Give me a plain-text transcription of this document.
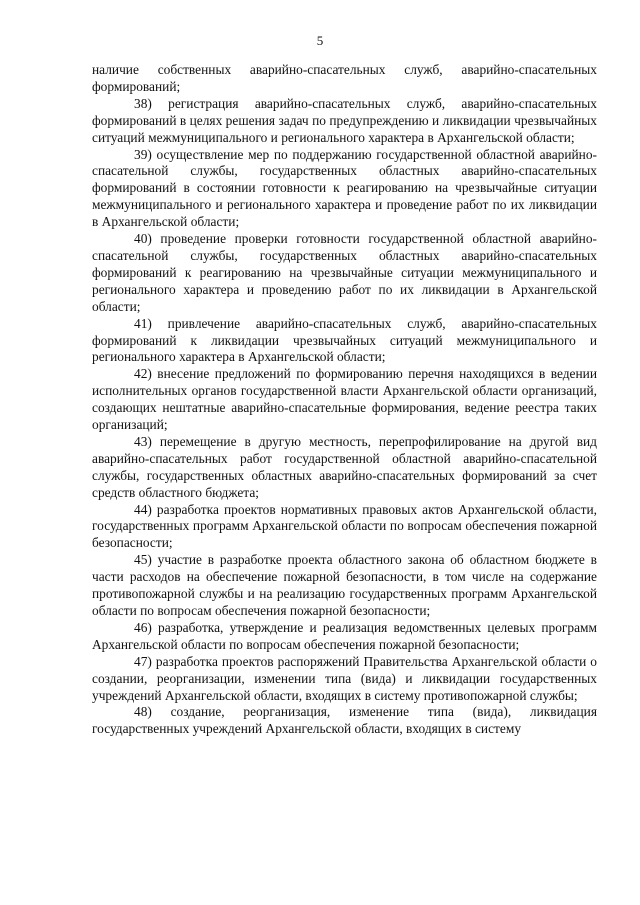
5

наличие собственных аварийно-спасательных служб, аварийно-спасательных формирований;

38) регистрация аварийно-спасательных служб, аварийно-спасательных формирований в целях решения задач по предупреждению и ликвидации чрезвычайных ситуаций межмуниципального и регионального характера в Архангельской области;

39) осуществление мер по поддержанию государственной областной аварийно-спасательной службы, государственных областных аварийно-спасательных формирований в состоянии готовности к реагированию на чрезвычайные ситуации межмуниципального и регионального характера и проведение работ по их ликвидации в Архангельской области;

40) проведение проверки готовности государственной областной аварийно-спасательной службы, государственных областных аварийно-спасательных формирований к реагированию на чрезвычайные ситуации межмуниципального и регионального характера и проведению работ по их ликвидации в Архангельской области;

41) привлечение аварийно-спасательных служб, аварийно-спасательных формирований к ликвидации чрезвычайных ситуаций межмуниципального и регионального характера в Архангельской области;

42) внесение предложений по формированию перечня находящихся в ведении исполнительных органов государственной власти Архангельской области организаций, создающих нештатные аварийно-спасательные формирования, ведение реестра таких организаций;

43) перемещение в другую местность, перепрофилирование на другой вид аварийно-спасательных работ государственной областной аварийно-спасательной службы, государственных областных аварийно-спасательных формирований за счет средств областного бюджета;

44) разработка проектов нормативных правовых актов Архангельской области, государственных программ Архангельской области по вопросам обеспечения пожарной безопасности;

45) участие в разработке проекта областного закона об областном бюджете в части расходов на обеспечение пожарной безопасности, в том числе на содержание противопожарной службы и на реализацию государственных программ Архангельской области по вопросам обеспечения пожарной безопасности;

46) разработка, утверждение и реализация ведомственных целевых программ Архангельской области по вопросам обеспечения пожарной безопасности;

47) разработка проектов распоряжений Правительства Архангельской области о создании, реорганизации, изменении типа (вида) и ликвидации государственных учреждений Архангельской области, входящих в систему противопожарной службы;

48) создание, реорганизация, изменение типа (вида), ликвидация государственных учреждений Архангельской области, входящих в систему
